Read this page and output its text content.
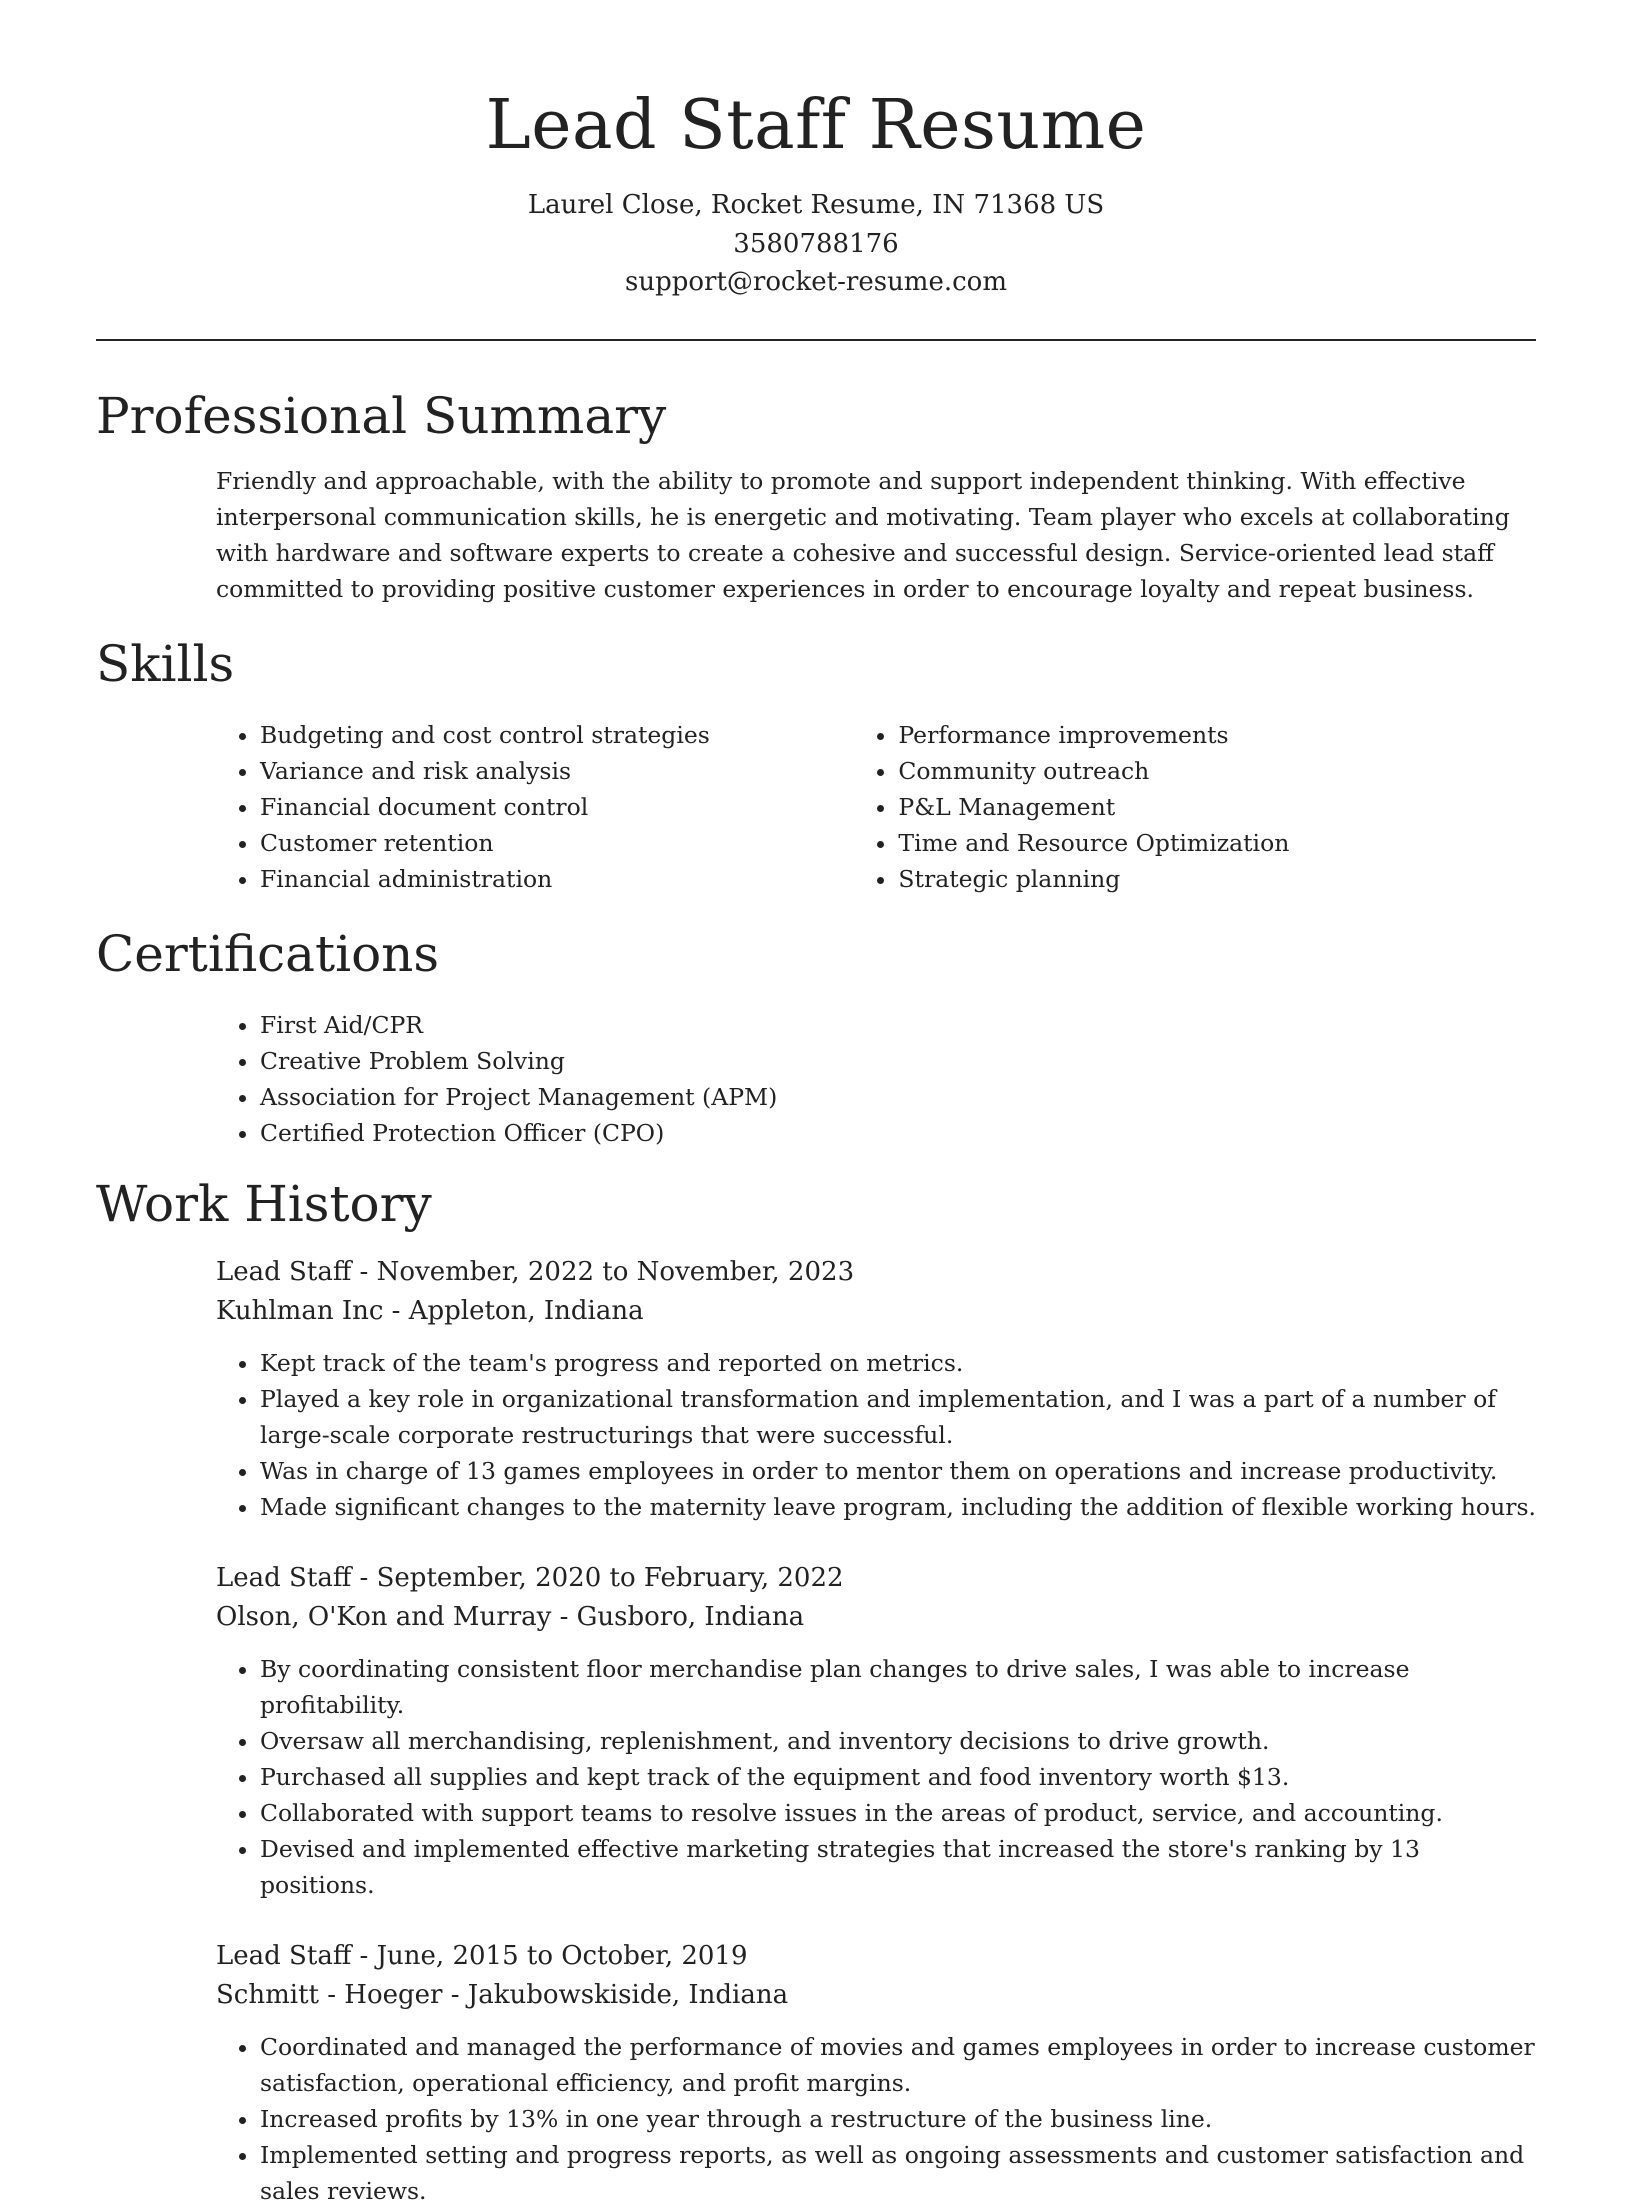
Lead Staff Resume
Laurel Close, Rocket Resume, IN 71368 US
3580788176
support@rocket-resume.com
Professional Summary

Friendly and approachable, with the ability to promote and support independent thinking. With effective interpersonal communication skills, he is energetic and motivating. Team player who excels at collaborating with hardware and software experts to create a cohesive and successful design. Service-oriented lead staff committed to providing positive customer experiences in order to encourage loyalty and repeat business.

Skills
• Budgeting and cost control strategies
• Variance and risk analysis
• Financial document control
• Customer retention
• Financial administration
• Performance improvements
• Community outreach
• P&L Management
• Time and Resource Optimization
• Strategic planning
Certifications
• First Aid/CPR
• Creative Problem Solving
• Association for Project Management (APM)
• Certified Protection Officer (CPO)
Work History
Lead Staff - November, 2022 to November, 2023
Kuhlman Inc - Appleton, Indiana
• Kept track of the team's progress and reported on metrics.
• Played a key role in organizational transformation and implementation, and I was a part of a number of large-scale corporate restructurings that were successful.
• Was in charge of 13 games employees in order to mentor them on operations and increase productivity.
• Made significant changes to the maternity leave program, including the addition of flexible working hours.
Lead Staff - September, 2020 to February, 2022
Olson, O'Kon and Murray - Gusboro, Indiana
• By coordinating consistent floor merchandise plan changes to drive sales, I was able to increase profitability.
• Oversaw all merchandising, replenishment, and inventory decisions to drive growth.
• Purchased all supplies and kept track of the equipment and food inventory worth $13.
• Collaborated with support teams to resolve issues in the areas of product, service, and accounting.
• Devised and implemented effective marketing strategies that increased the store's ranking by 13 positions.
Lead Staff - June, 2015 to October, 2019
Schmitt - Hoeger - Jakubowskiside, Indiana
• Coordinated and managed the performance of movies and games employees in order to increase customer satisfaction, operational efficiency, and profit margins.
• Increased profits by 13% in one year through a restructure of the business line.
• Implemented setting and progress reports, as well as ongoing assessments and customer satisfaction and sales reviews.
